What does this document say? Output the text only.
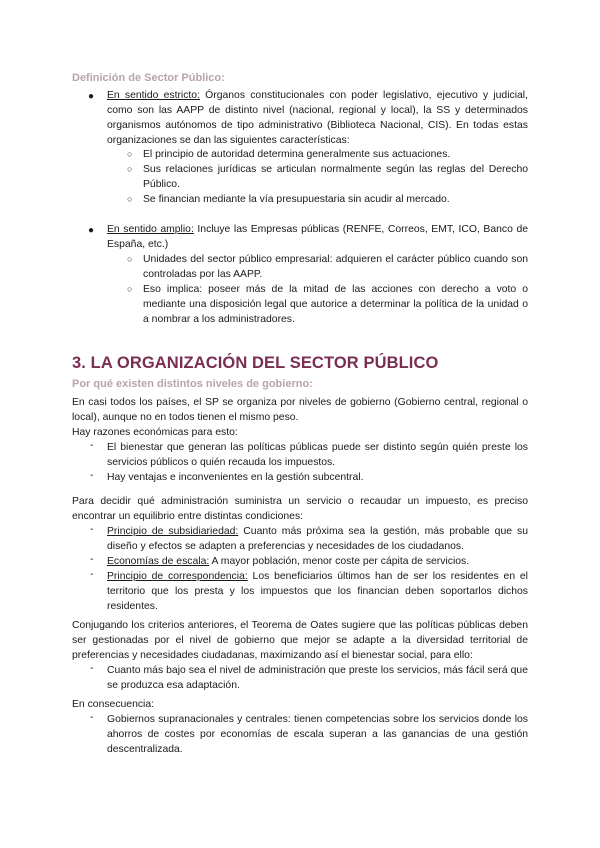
Definición de Sector Público:
● En sentido estricto: Órganos constitucionales con poder legislativo, ejecutivo y judicial, como son las AAPP de distinto nivel (nacional, regional y local), la SS y determinados organismos autónomos de tipo administrativo (Biblioteca Nacional, CIS). En todas estas organizaciones se dan las siguientes características:
○ El principio de autoridad determina generalmente sus actuaciones.
○ Sus relaciones jurídicas se articulan normalmente según las reglas del Derecho Público.
○ Se financian mediante la vía presupuestaria sin acudir al mercado.
● En sentido amplio: Incluye las Empresas públicas (RENFE, Correos, EMT, ICO, Banco de España, etc.)
○ Unidades del sector público empresarial: adquieren el carácter público cuando son controladas por las AAPP.
○ Eso implica: poseer más de la mitad de las acciones con derecho a voto o mediante una disposición legal que autorice a determinar la política de la unidad o a nombrar a los administradores.
3. LA ORGANIZACIÓN DEL SECTOR PÚBLICO
Por qué existen distintos niveles de gobierno:
En casi todos los países, el SP se organiza por niveles de gobierno (Gobierno central, regional o local), aunque no en todos tienen el mismo peso.
Hay razones económicas para esto:
- El bienestar que generan las políticas públicas puede ser distinto según quién preste los servicios públicos o quién recauda los impuestos.
- Hay ventajas e inconvenientes en la gestión subcentral.
Para decidir qué administración suministra un servicio o recaudar un impuesto, es preciso encontrar un equilibrio entre distintas condiciones:
- Principio de subsidiariedad: Cuanto más próxima sea la gestión, más probable que su diseño y efectos se adapten a preferencias y necesidades de los ciudadanos.
- Economías de escala: A mayor población, menor coste per cápita de servicios.
- Principio de correspondencia: Los beneficiarios últimos han de ser los residentes en el territorio que los presta y los impuestos que los financian deben soportarlos dichos residentes.
Conjugando los criterios anteriores, el Teorema de Oates sugiere que las políticas públicas deben ser gestionadas por el nivel de gobierno que mejor se adapte a la diversidad territorial de preferencias y necesidades ciudadanas, maximizando así el bienestar social, para ello:
- Cuanto más bajo sea el nivel de administración que preste los servicios, más fácil será que se produzca esa adaptación.
En consecuencia:
- Gobiernos supranacionales y centrales: tienen competencias sobre los servicios donde los ahorros de costes por economías de escala superan a las ganancias de una gestión descentralizada.
